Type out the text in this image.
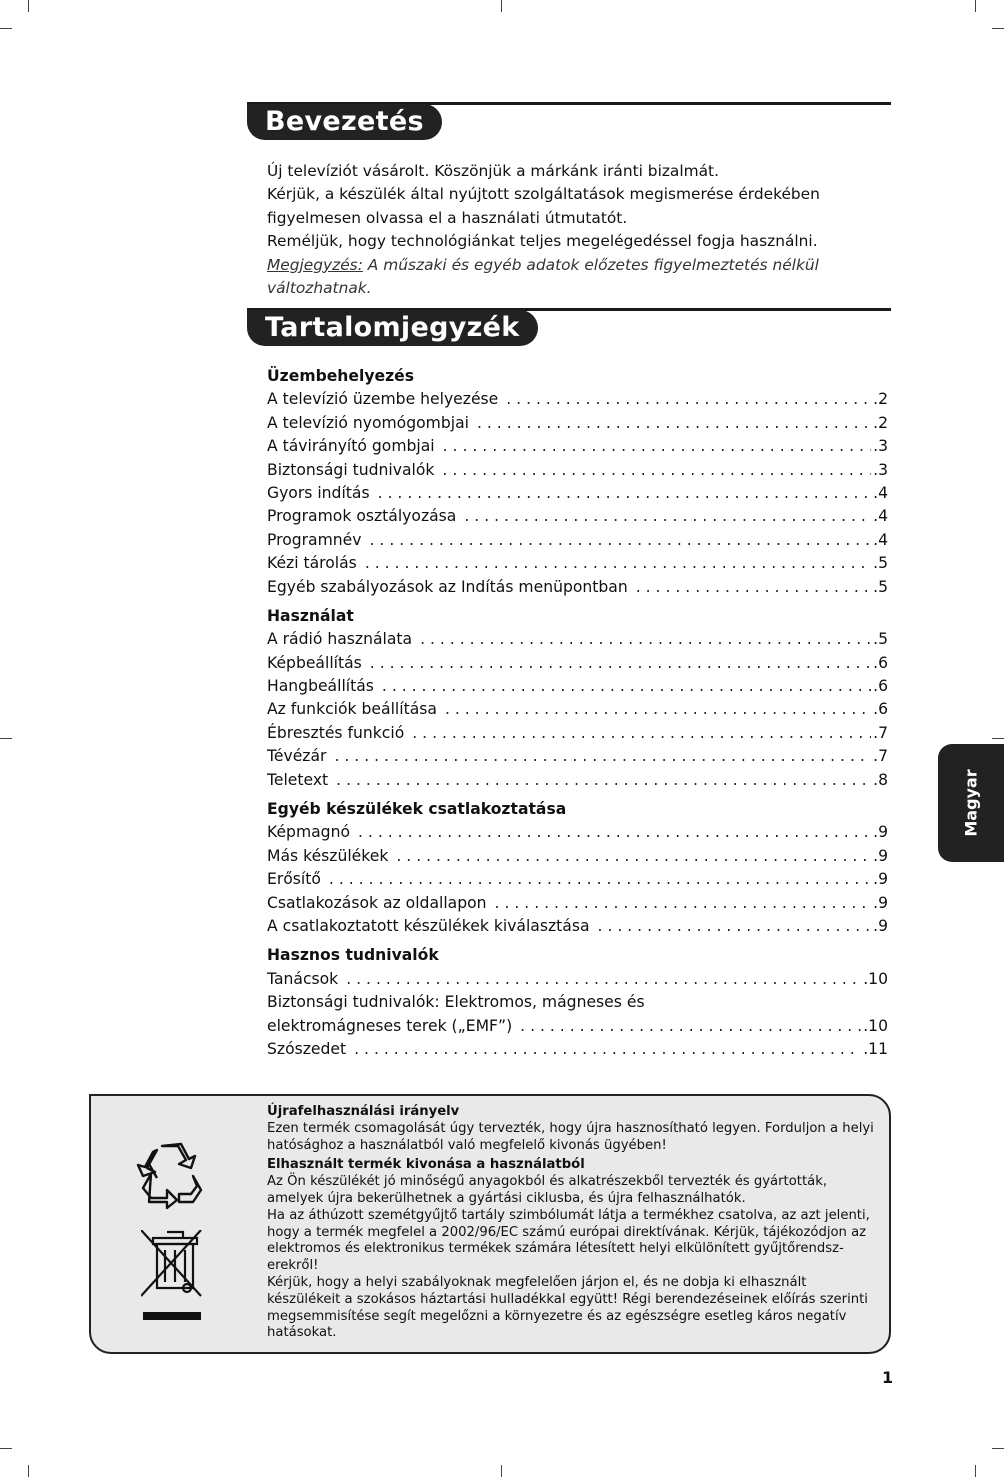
Bevezetés

Új televíziót vásárolt. Köszönjük a márkánk iránti bizalmát.

Kérjük, a készülék által nyújtott szolgáltatások megismerése érdekében

figyelmesen olvassa el a használati útmutatót.

Reméljük, hogy technológiánkat teljes megelégedéssel fogja használni.

Megjegyzés: A műszaki és egyéb adatok előzetes figyelmeztetés nélkül változhatnak.

Tartalomjegyzék
Üzembehelyezés
A televízió üzembe helyezése . . .	.2
A televízió nyomógombjai . . .	.2
A távirányító gombjai . . .	.3
Biztonsági tudnivalók . . .	.3
Gyors indítás . . .	.4
Programok osztályozása . . .	.4
Programnév . . .	.4
Kézi tárolás . . .	.5
Egyéb szabályozások az Indítás menüpontban . . .	.5
Használat
A rádió használata . . .	.5
Képbeállítás . . .	.6
Hangbeállítás . . .	.6
Az funkciók beállítása . . .	.6
Ébresztés funkció . . .	.7
Tévézár . . .	.7
Teletext . . .	.8
Egyéb készülékek csatlakoztatása
Képmagnó . . .	.9
Más készülékek . . .	.9
Erősítő . . .	.9
Csatlakozások az oldallapon . . .	.9
A csatlakoztatott készülékek kiválasztása . . .	.9
Hasznos tudnivalók
Tanácsok . . .	.10
Biztonsági tudnivalók: Elektromos, mágneses és
elektromágneses terek („EMF”) . . .	.10
Szószedet . . .	.11

Újrafelhasználási irányelv

Ezen termék csomagolását úgy tervezték, hogy újra hasznosítható legyen. Forduljon a helyi hatósághoz a használatból való megfelelő kivonás ügyében!

Elhasznált termék kivonása a használatból

Az Ön készülékét jó minőségű anyagokból és alkatrészekből tervezték és gyártották, amelyek újra bekerülhetnek a gyártási ciklusba, és újra felhasználhatók.

Ha az áthúzott szemétgyűjtő tartály szimbólumát látja a termékhez csatolva, az azt jelenti, hogy a termék megfelel a 2002/96/EC számú európai direktívának. Kérjük, tájékozódjon az elektromos és elektronikus termékek számára létesített helyi elkülönített gyűjtőrendsz-erekről!

Kérjük, hogy a helyi szabályoknak megfelelően járjon el, és ne dobja ki elhasznált készülékeit a szokásos háztartási hulladékkal együtt! Régi berendezéseinek előírás szerinti megsemmisítése segít megelőzni a környezetre és az egészségre esetleg káros negatív hatásokat.

Magyar
1
